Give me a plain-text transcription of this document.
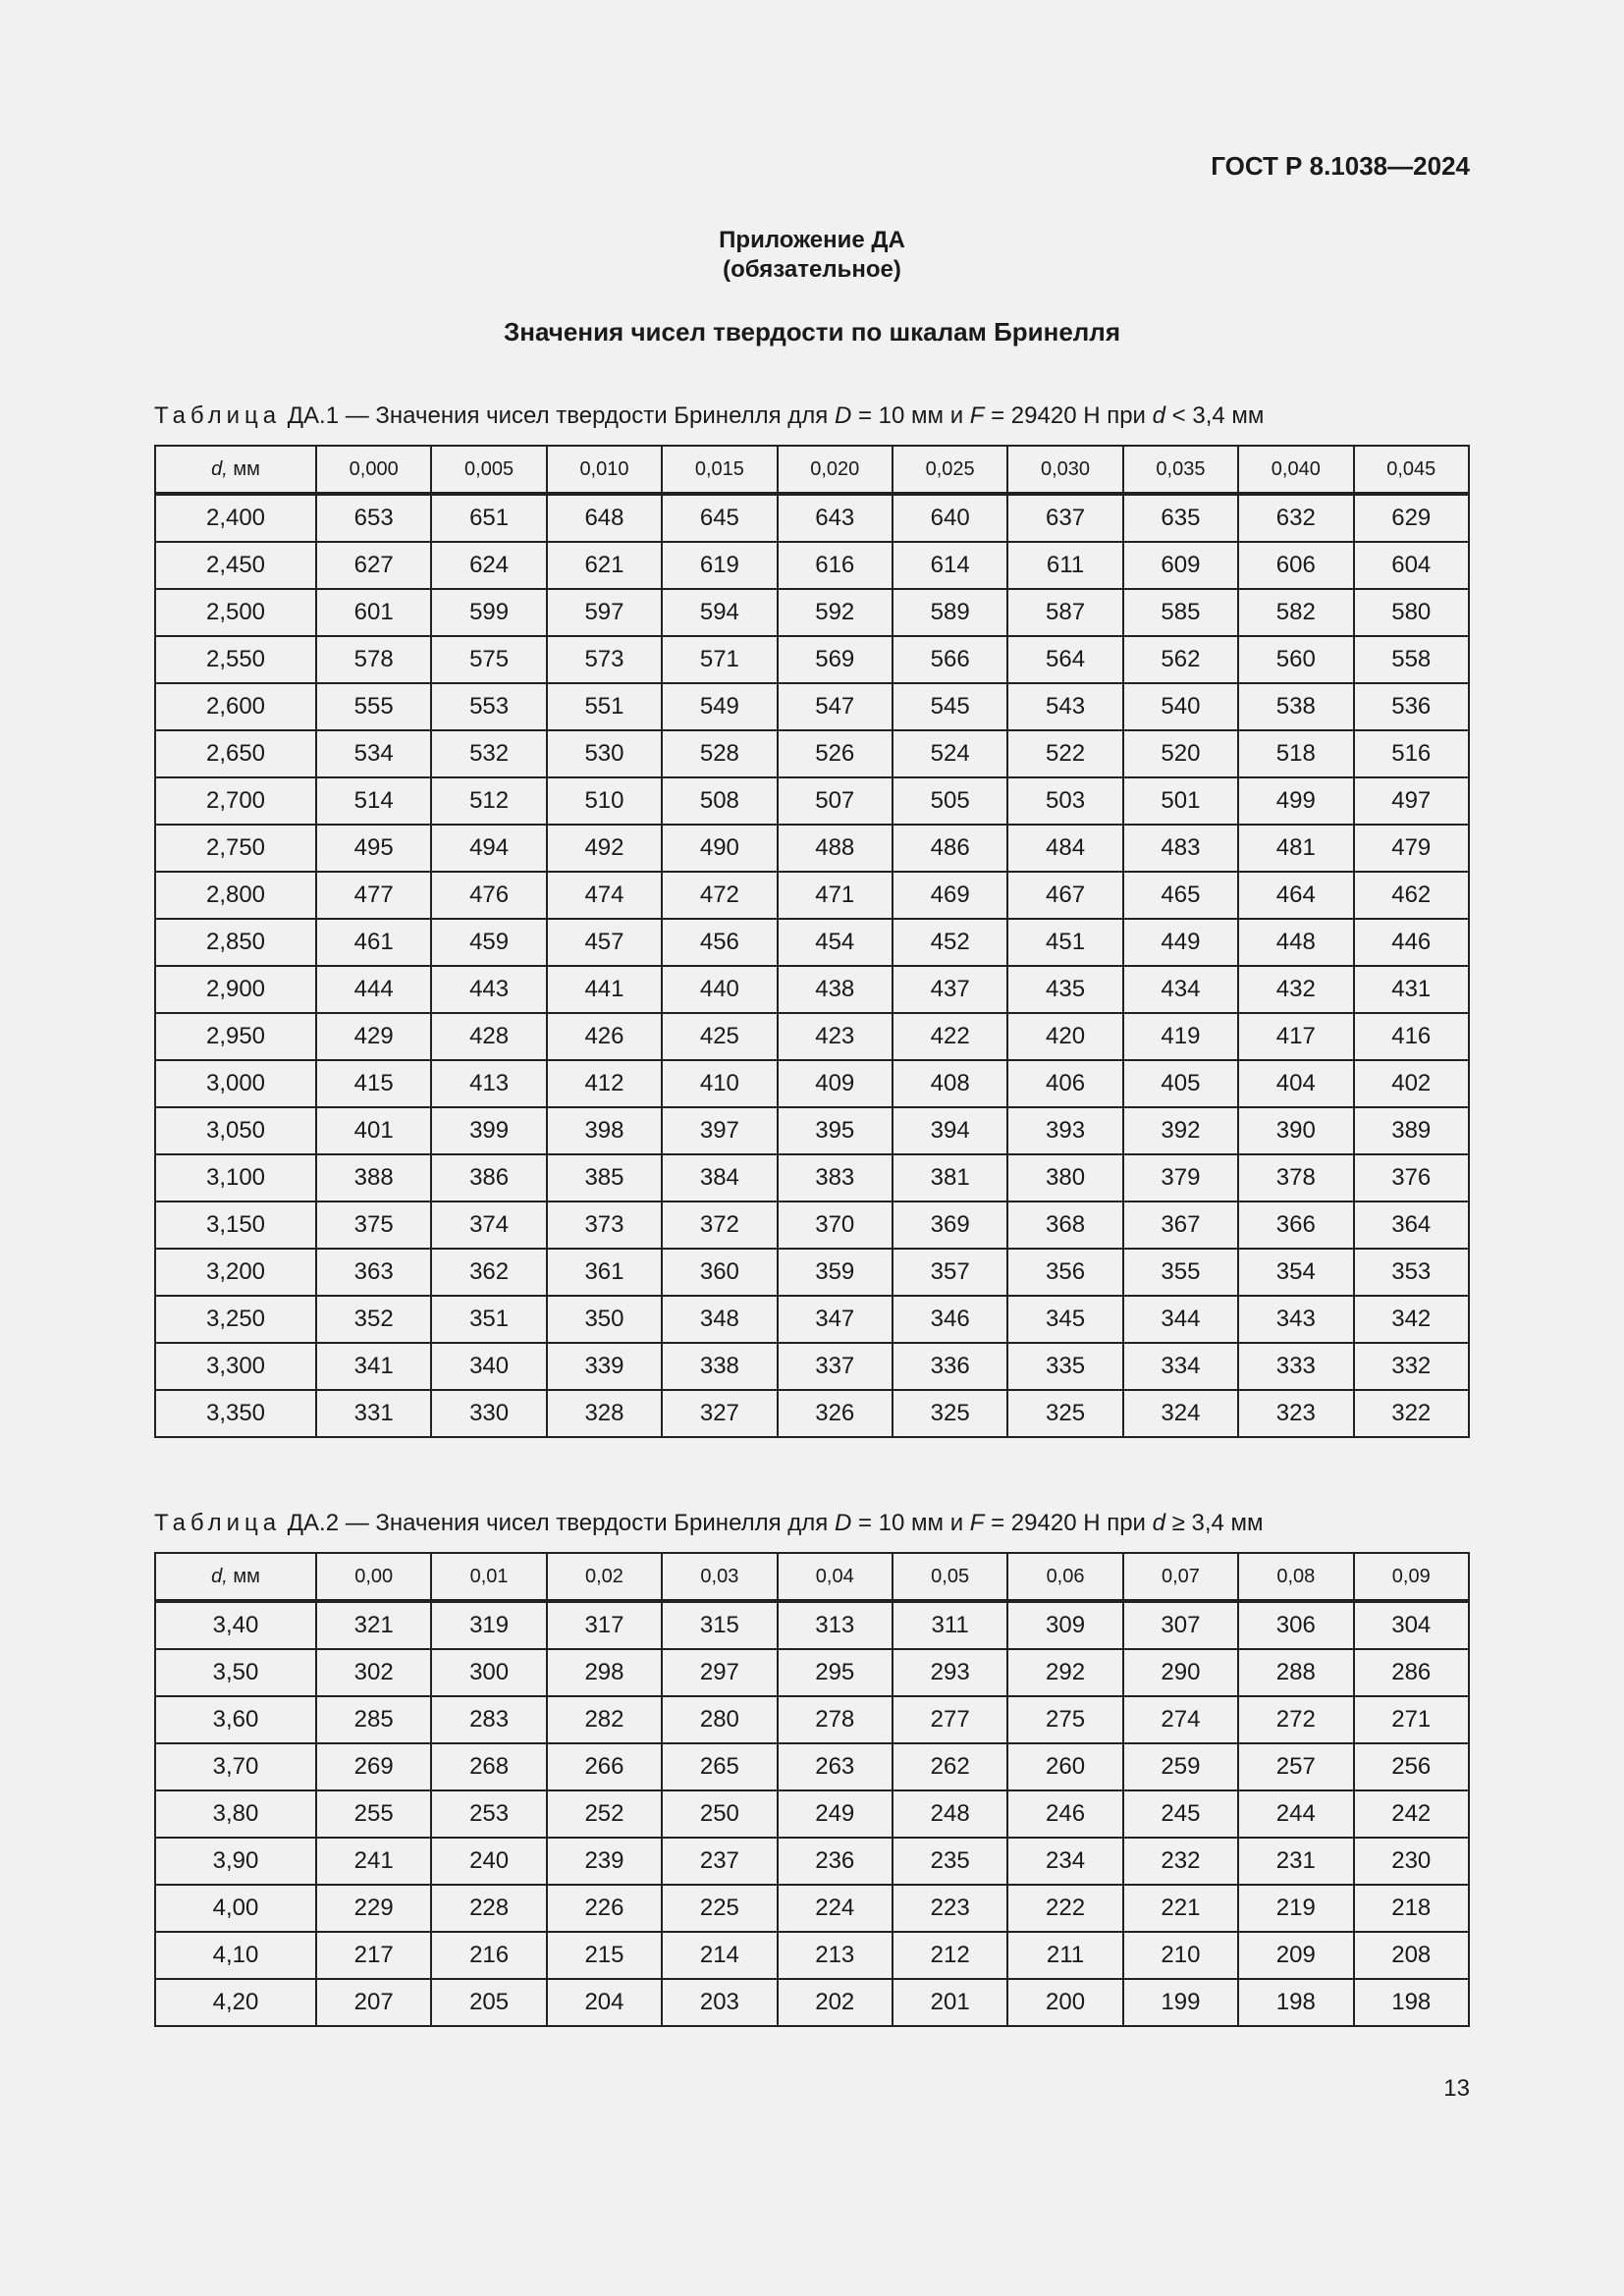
ГОСТ Р 8.1038—2024
Приложение ДА
(обязательное)
Значения чисел твердости по шкалам Бринелля
Таблица ДА.1 — Значения чисел твердости Бринелля для D = 10 мм и F = 29420 Н при d < 3,4 мм
d, мм	0,000	0,005	0,010	0,015	0,020	0,025	0,030	0,035	0,040	0,045
2,400	653	651	648	645	643	640	637	635	632	629
2,450	627	624	621	619	616	614	611	609	606	604
2,500	601	599	597	594	592	589	587	585	582	580
2,550	578	575	573	571	569	566	564	562	560	558
2,600	555	553	551	549	547	545	543	540	538	536
2,650	534	532	530	528	526	524	522	520	518	516
2,700	514	512	510	508	507	505	503	501	499	497
2,750	495	494	492	490	488	486	484	483	481	479
2,800	477	476	474	472	471	469	467	465	464	462
2,850	461	459	457	456	454	452	451	449	448	446
2,900	444	443	441	440	438	437	435	434	432	431
2,950	429	428	426	425	423	422	420	419	417	416
3,000	415	413	412	410	409	408	406	405	404	402
3,050	401	399	398	397	395	394	393	392	390	389
3,100	388	386	385	384	383	381	380	379	378	376
3,150	375	374	373	372	370	369	368	367	366	364
3,200	363	362	361	360	359	357	356	355	354	353
3,250	352	351	350	348	347	346	345	344	343	342
3,300	341	340	339	338	337	336	335	334	333	332
3,350	331	330	328	327	326	325	325	324	323	322
Таблица ДА.2 — Значения чисел твердости Бринелля для D = 10 мм и F = 29420 Н при d ≥ 3,4 мм
d, мм	0,00	0,01	0,02	0,03	0,04	0,05	0,06	0,07	0,08	0,09
3,40	321	319	317	315	313	311	309	307	306	304
3,50	302	300	298	297	295	293	292	290	288	286
3,60	285	283	282	280	278	277	275	274	272	271
3,70	269	268	266	265	263	262	260	259	257	256
3,80	255	253	252	250	249	248	246	245	244	242
3,90	241	240	239	237	236	235	234	232	231	230
4,00	229	228	226	225	224	223	222	221	219	218
4,10	217	216	215	214	213	212	211	210	209	208
4,20	207	205	204	203	202	201	200	199	198	198
13
